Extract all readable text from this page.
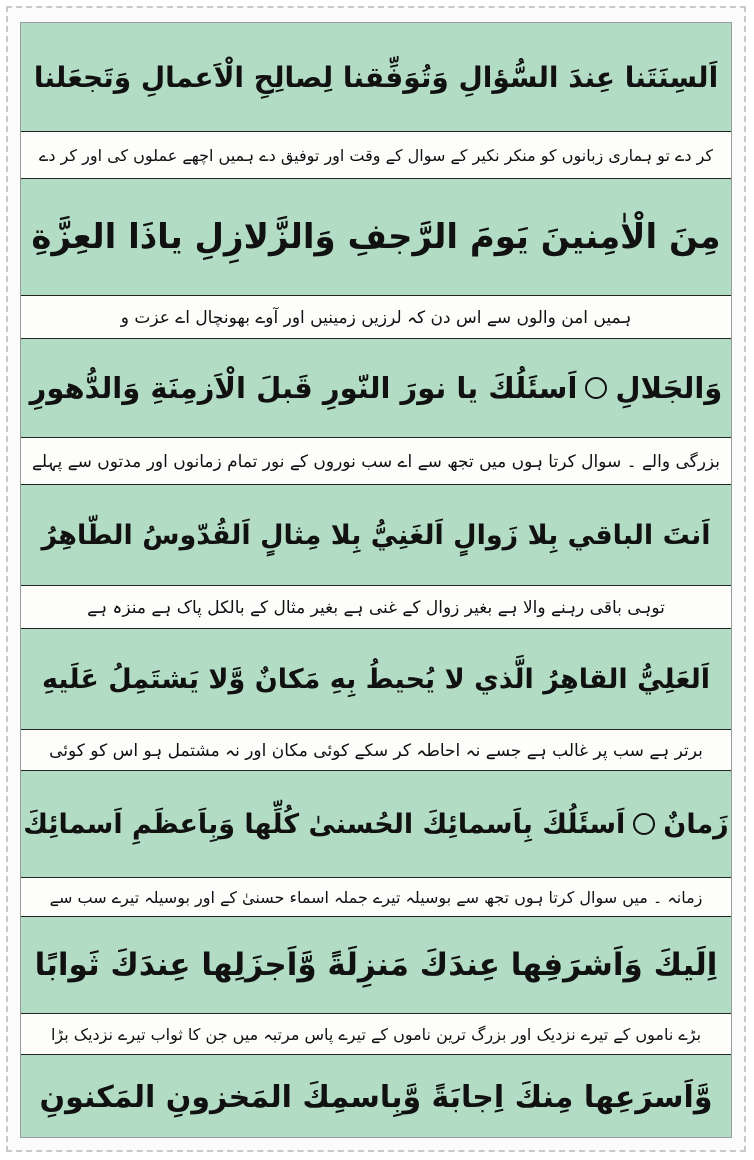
اَلسِنَتَنا عِندَ السُّؤالِ وَتُوَفِّقنا لِصالِحِ الْاَعمالِ وَتَجعَلنا
کر دے تو ہماری زبانوں کو منکر نکیر کے سوال کے وقت اور توفیق دے ہمیں اچھے عملوں کی اور کر دے
مِنَ الْاٰمِنينَ يَومَ الرَّجفِ وَالزَّلازِلِ ياذَا العِزَّةِ
ہمیں امن والوں سے اس دن کہ لرزیں زمینیں اور آوے بھونچال اے عزت و
وَالجَلالِ
اَسئَلُكَ يا نورَ النّورِ قَبلَ الْاَزمِنَةِ وَالدُّهورِ
بزرگی والے ۔ سوال کرتا ہوں میں تجھ سے اے سب نوروں کے نور تمام زمانوں اور مدتوں سے پہلے
اَنتَ الباقي بِلا زَوالٍ اَلغَنِيُّ بِلا مِثالٍ اَلقُدّوسُ الطّاهِرُ
توہی باقی رہنے والا ہے بغیر زوال کے غنی ہے بغیر مثال کے بالکل پاک ہے منزہ ہے
اَلعَلِيُّ القاهِرُ الَّذي لا يُحيطُ بِهِ مَكانٌ وَّلا يَشتَمِلُ عَلَيهِ
برتر ہے سب پر غالب ہے جسے نہ احاطہ کر سکے کوئی مکان اور نہ مشتمل ہو اس کو کوئی
زَمانٌ
اَسئَلُكَ بِاَسمائِكَ الحُسنىٰ كُلِّها وَبِاَعظَمِ اَسمائِكَ
زمانہ ۔ میں سوال کرتا ہوں تجھ سے بوسیلہ تیرے جملہ اسماء حسنیٰ کے اور بوسیلہ تیرے سب سے
اِلَيكَ وَاَشرَفِها عِندَكَ مَنزِلَةً وَّاَجزَلِها عِندَكَ ثَوابًا
بڑے ناموں کے تیرے نزدیک اور بزرگ ترین ناموں کے تیرے پاس مرتبہ میں جن کا ثواب تیرے نزدیک بڑا
وَّاَسرَعِها مِنكَ اِجابَةً وَّبِاسمِكَ المَخزونِ المَكنونِ
